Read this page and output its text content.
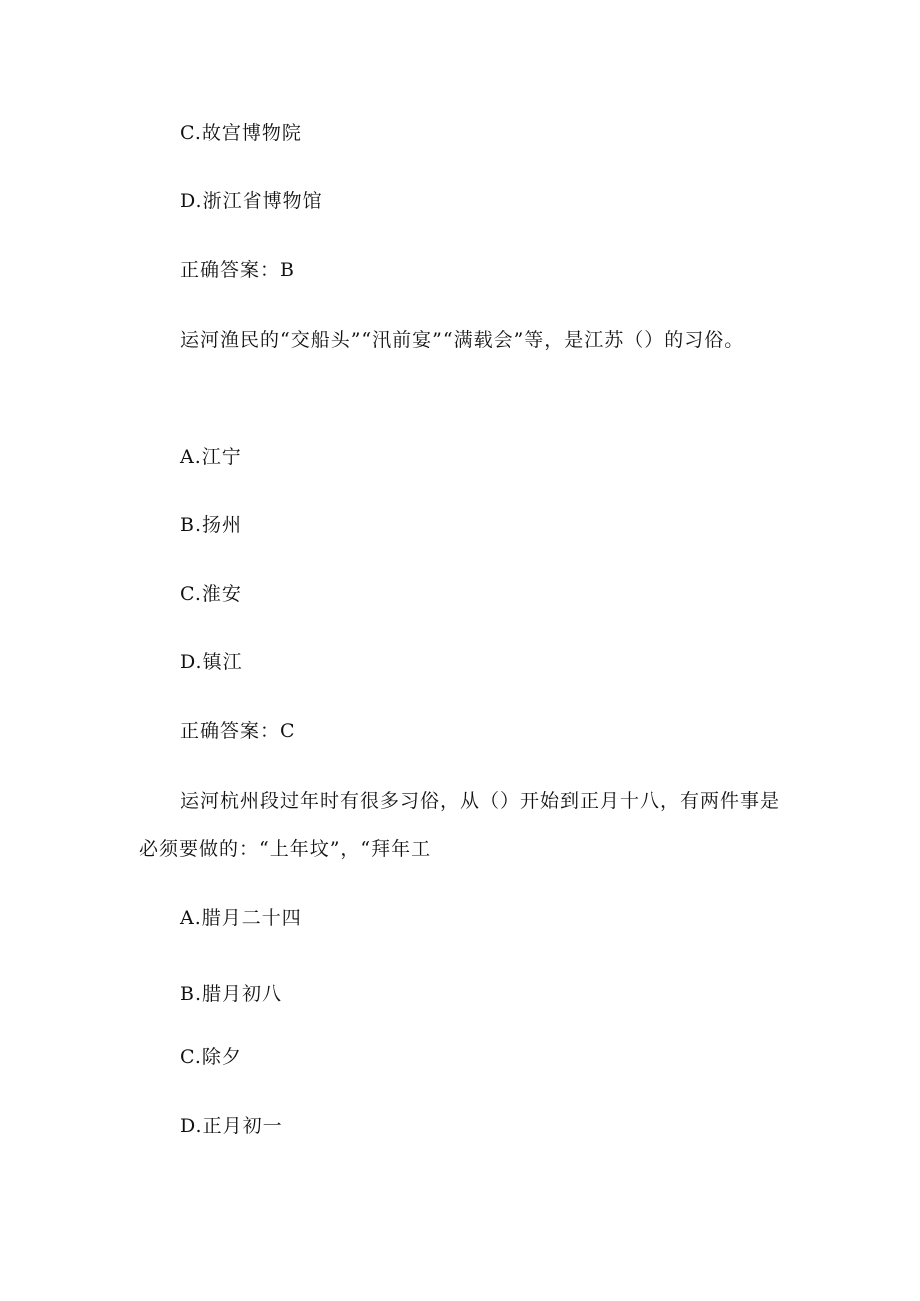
C.故宫博物院
D.浙江省博物馆
正确答案：B
运河渔民的“交船头”“汛前宴”“满载会”等，是江苏（）的习俗。
A.江宁
B.扬州
C.淮安
D.镇江
正确答案：C
运河杭州段过年时有很多习俗，从（）开始到正月十八，有两件事是必须要做的：“上年坟”，“拜年工
A.腊月二十四
B.腊月初八
C.除夕
D.正月初一
